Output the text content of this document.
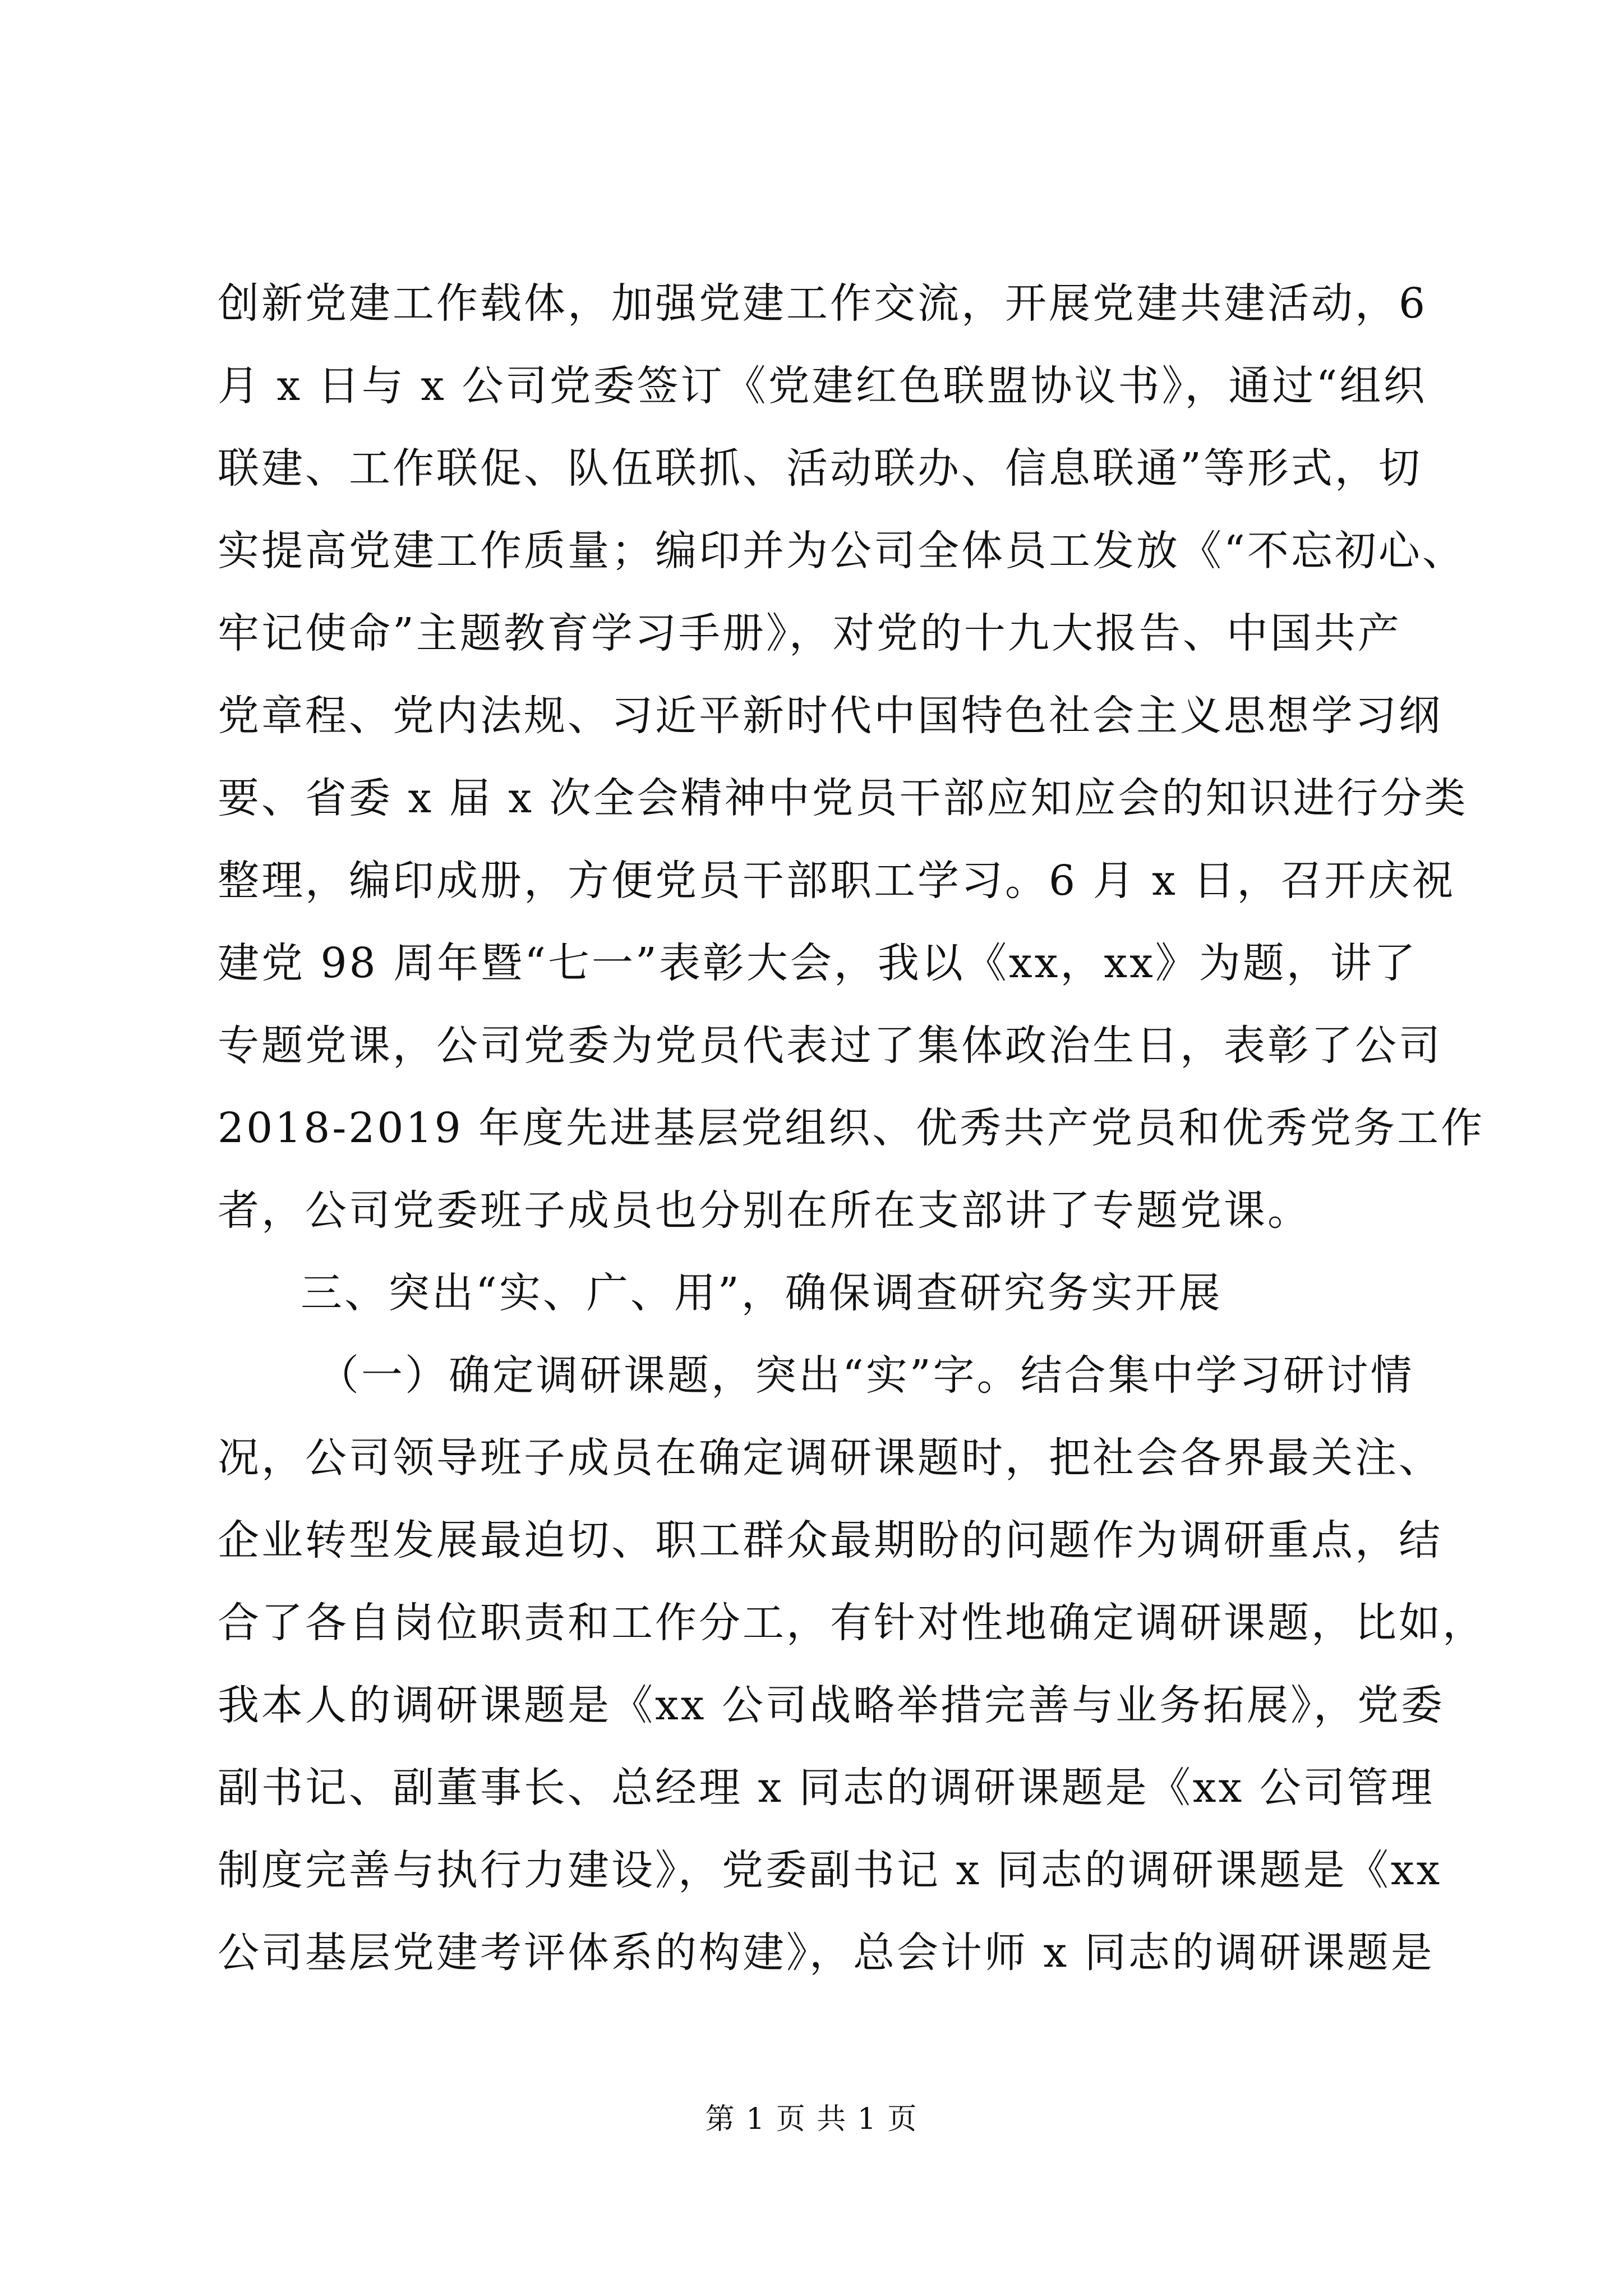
创新党建工作载体，加强党建工作交流，开展党建共建活动，6
月 x 日与 x 公司党委签订《党建红色联盟协议书》，通过“组织
联建、工作联促、队伍联抓、活动联办、信息联通”等形式，切
实提高党建工作质量；编印并为公司全体员工发放《“不忘初心、
牢记使命”主题教育学习手册》，对党的十九大报告、中国共产
党章程、党内法规、习近平新时代中国特色社会主义思想学习纲
要、省委 x 届 x 次全会精神中党员干部应知应会的知识进行分类
整理，编印成册，方便党员干部职工学习。6 月 x 日，召开庆祝
建党 98 周年暨“七一”表彰大会，我以《xx，xx》为题，讲了
专题党课，公司党委为党员代表过了集体政治生日，表彰了公司
2018-2019 年度先进基层党组织、优秀共产党员和优秀党务工作
者，公司党委班子成员也分别在所在支部讲了专题党课。
三、突出“实、广、用”，确保调查研究务实开展
（一）确定调研课题，突出“实”字。结合集中学习研讨情
况，公司领导班子成员在确定调研课题时，把社会各界最关注、
企业转型发展最迫切、职工群众最期盼的问题作为调研重点，结
合了各自岗位职责和工作分工，有针对性地确定调研课题，比如，
我本人的调研课题是《xx 公司战略举措完善与业务拓展》，党委
副书记、副董事长、总经理 x 同志的调研课题是《xx 公司管理
制度完善与执行力建设》，党委副书记 x 同志的调研课题是《xx
公司基层党建考评体系的构建》，总会计师 x 同志的调研课题是
第 1 页 共 1 页
